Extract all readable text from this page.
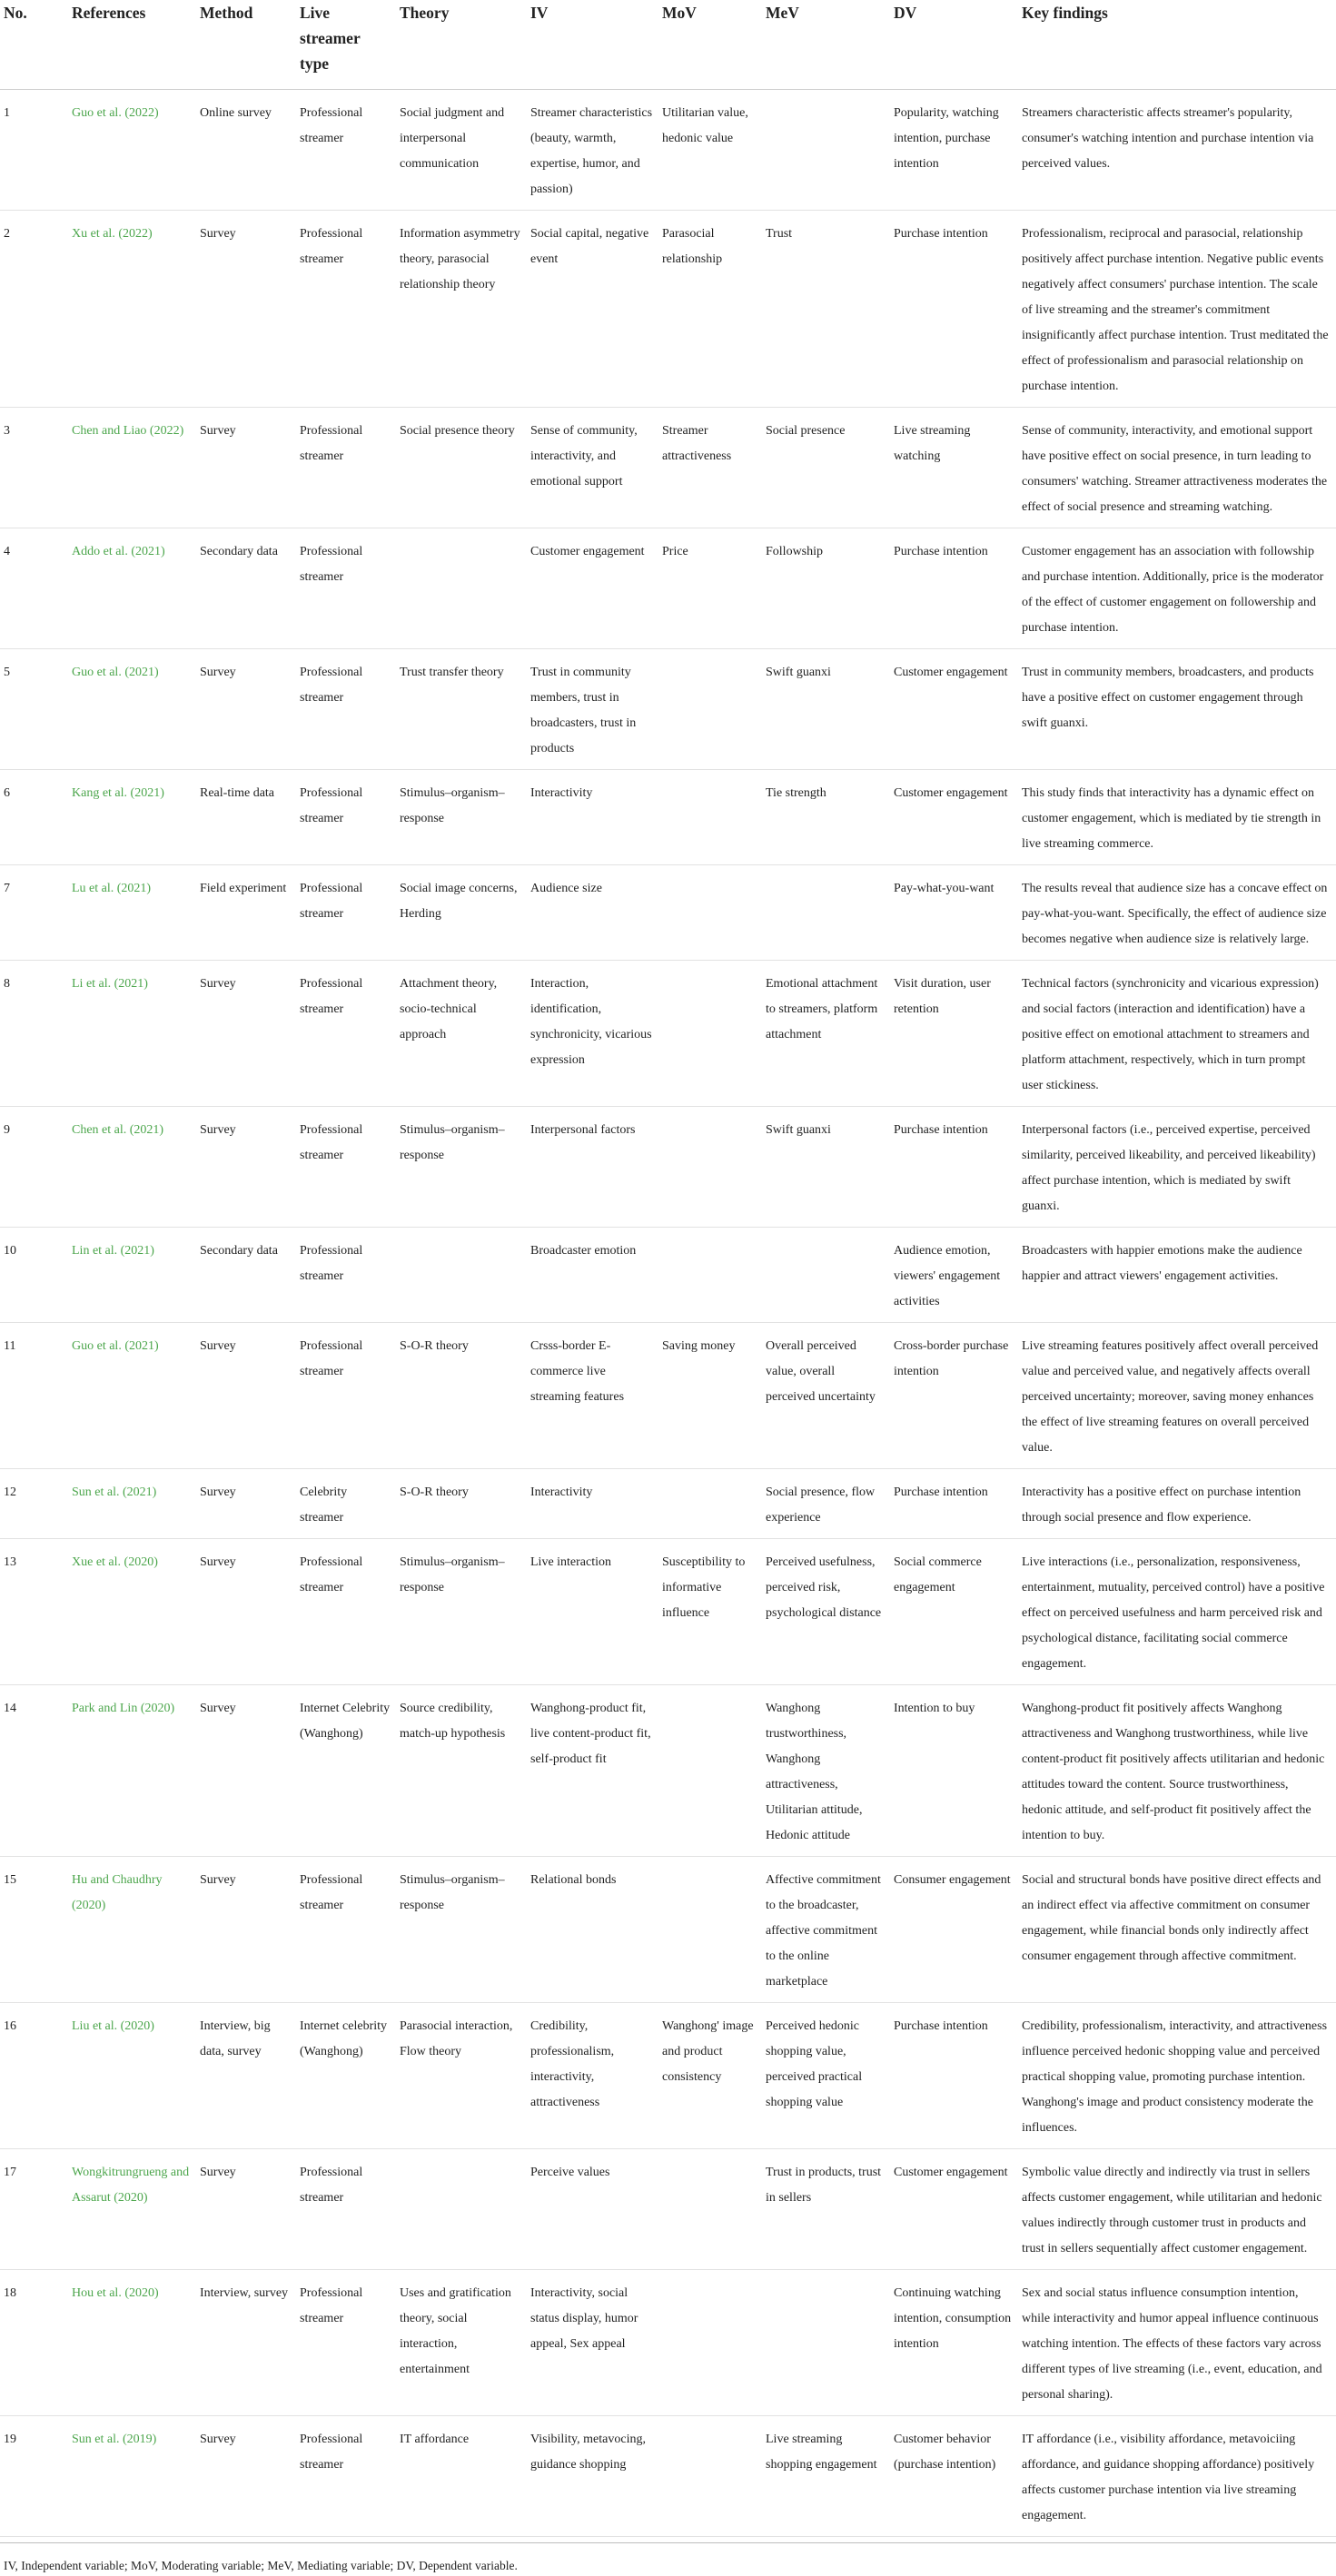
No.	References	Method	Live streamer type	Theory	IV	MoV	MeV	DV	Key findings
1	Guo et al. (2022)	Online survey	Professional streamer	Social judgment and interpersonal communication	Streamer characteristics (beauty, warmth, expertise, humor, and passion)	Utilitarian value, hedonic value		Popularity, watching intention, purchase intention	Streamers characteristic affects streamer's popularity, consumer's watching intention and purchase intention via perceived values.
2	Xu et al. (2022)	Survey	Professional streamer	Information asymmetry theory, parasocial relationship theory	Social capital, negative event	Parasocial relationship	Trust	Purchase intention	Professionalism, reciprocal and parasocial, relationship positively affect purchase intention. Negative public events negatively affect consumers' purchase intention. The scale of live streaming and the streamer's commitment insignificantly affect purchase intention. Trust meditated the effect of professionalism and parasocial relationship on purchase intention.
3	Chen and Liao (2022)	Survey	Professional streamer	Social presence theory	Sense of community, interactivity, and emotional support	Streamer attractiveness	Social presence	Live streaming watching	Sense of community, interactivity, and emotional support have positive effect on social presence, in turn leading to consumers' watching. Streamer attractiveness moderates the effect of social presence and streaming watching.
4	Addo et al. (2021)	Secondary data	Professional streamer		Customer engagement	Price	Followship	Purchase intention	Customer engagement has an association with followship and purchase intention. Additionally, price is the moderator of the effect of customer engagement on followership and purchase intention.
5	Guo et al. (2021)	Survey	Professional streamer	Trust transfer theory	Trust in community members, trust in broadcasters, trust in products		Swift guanxi	Customer engagement	Trust in community members, broadcasters, and products have a positive effect on customer engagement through swift guanxi.
6	Kang et al. (2021)	Real-time data	Professional streamer	Stimulus–organism–response	Interactivity		Tie strength	Customer engagement	This study finds that interactivity has a dynamic effect on customer engagement, which is mediated by tie strength in live streaming commerce.
7	Lu et al. (2021)	Field experiment	Professional streamer	Social image concerns, Herding	Audience size			Pay-what-you-want	The results reveal that audience size has a concave effect on pay-what-you-want. Specifically, the effect of audience size becomes negative when audience size is relatively large.
8	Li et al. (2021)	Survey	Professional streamer	Attachment theory, socio-technical approach	Interaction, identification, synchronicity, vicarious expression		Emotional attachment to streamers, platform attachment	Visit duration, user retention	Technical factors (synchronicity and vicarious expression) and social factors (interaction and identification) have a positive effect on emotional attachment to streamers and platform attachment, respectively, which in turn prompt user stickiness.
9	Chen et al. (2021)	Survey	Professional streamer	Stimulus–organism–response	Interpersonal factors		Swift guanxi	Purchase intention	Interpersonal factors (i.e., perceived expertise, perceived similarity, perceived likeability, and perceived likeability) affect purchase intention, which is mediated by swift guanxi.
10	Lin et al. (2021)	Secondary data	Professional streamer		Broadcaster emotion			Audience emotion, viewers' engagement activities	Broadcasters with happier emotions make the audience happier and attract viewers' engagement activities.
11	Guo et al. (2021)	Survey	Professional streamer	S-O-R theory	Crsss-border E-commerce live streaming features	Saving money	Overall perceived value, overall perceived uncertainty	Cross-border purchase intention	Live streaming features positively affect overall perceived value and perceived value, and negatively affects overall perceived uncertainty; moreover, saving money enhances the effect of live streaming features on overall perceived value.
12	Sun et al. (2021)	Survey	Celebrity streamer	S-O-R theory	Interactivity		Social presence, flow experience	Purchase intention	Interactivity has a positive effect on purchase intention through social presence and flow experience.
13	Xue et al. (2020)	Survey	Professional streamer	Stimulus–organism–response	Live interaction	Susceptibility to informative influence	Perceived usefulness, perceived risk, psychological distance	Social commerce engagement	Live interactions (i.e., personalization, responsiveness, entertainment, mutuality, perceived control) have a positive effect on perceived usefulness and harm perceived risk and psychological distance, facilitating social commerce engagement.
14	Park and Lin (2020)	Survey	Internet Celebrity (Wanghong)	Source credibility, match-up hypothesis	Wanghong-product fit, live content-product fit, self-product fit		Wanghong trustworthiness, Wanghong attractiveness, Utilitarian attitude, Hedonic attitude	Intention to buy	Wanghong-product fit positively affects Wanghong attractiveness and Wanghong trustworthiness, while live content-product fit positively affects utilitarian and hedonic attitudes toward the content. Source trustworthiness, hedonic attitude, and self-product fit positively affect the intention to buy.
15	Hu and Chaudhry (2020)	Survey	Professional streamer	Stimulus–organism–response	Relational bonds		Affective commitment to the broadcaster, affective commitment to the online marketplace	Consumer engagement	Social and structural bonds have positive direct effects and an indirect effect via affective commitment on consumer engagement, while financial bonds only indirectly affect consumer engagement through affective commitment.
16	Liu et al. (2020)	Interview, big data, survey	Internet celebrity (Wanghong)	Parasocial interaction, Flow theory	Credibility, professionalism, interactivity, attractiveness	Wanghong' image and product consistency	Perceived hedonic shopping value, perceived practical shopping value	Purchase intention	Credibility, professionalism, interactivity, and attractiveness influence perceived hedonic shopping value and perceived practical shopping value, promoting purchase intention. Wanghong's image and product consistency moderate the influences.
17	Wongkitrungrueng and Assarut (2020)	Survey	Professional streamer		Perceive values		Trust in products, trust in sellers	Customer engagement	Symbolic value directly and indirectly via trust in sellers affects customer engagement, while utilitarian and hedonic values indirectly through customer trust in products and trust in sellers sequentially affect customer engagement.
18	Hou et al. (2020)	Interview, survey	Professional streamer	Uses and gratification theory, social interaction, entertainment	Interactivity, social status display, humor appeal, Sex appeal			Continuing watching intention, consumption intention	Sex and social status influence consumption intention, while interactivity and humor appeal influence continuous watching intention. The effects of these factors vary across different types of live streaming (i.e., event, education, and personal sharing).
19	Sun et al. (2019)	Survey	Professional streamer	IT affordance	Visibility, metavocing, guidance shopping		Live streaming shopping engagement	Customer behavior (purchase intention)	IT affordance (i.e., visibility affordance, metavoiciing affordance, and guidance shopping affordance) positively affects customer purchase intention via live streaming engagement.
IV, Independent variable; MoV, Moderating variable; MeV, Mediating variable; DV, Dependent variable.
